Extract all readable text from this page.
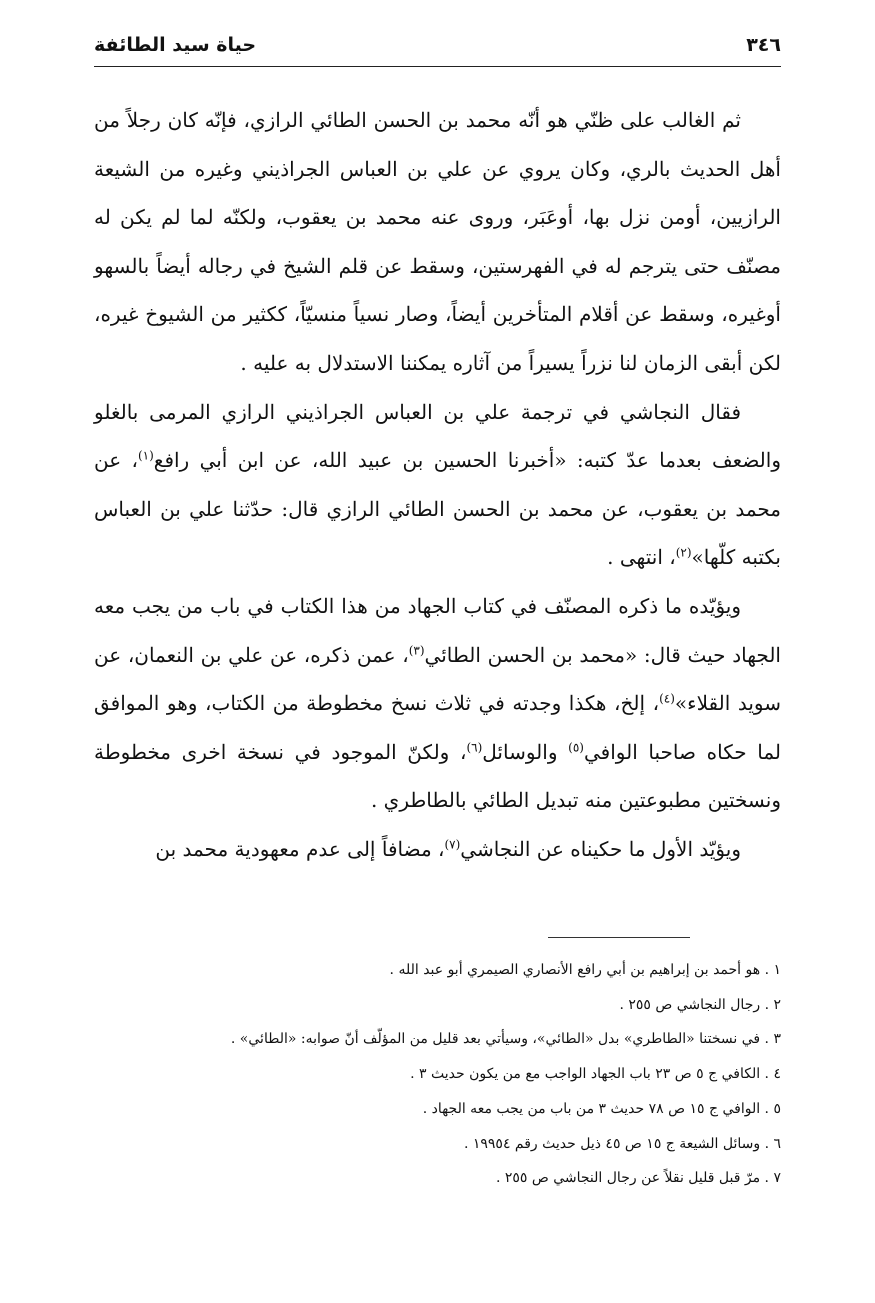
٣٤٦
حياة سيد الطائفة

ثم الغالب على ظنّي هو أنّه محمد بن الحسن الطائي الرازي، فإنّه كان رجلاً من أهل الحديث بالري، وكان يروي عن علي بن العباس الجراذيني وغيره من الشيعة الرازيين، أومن نزل بها، أوعَبَر، وروى عنه محمد بن يعقوب، ولكنّه لما لم يكن له مصنّف حتى يترجم له في الفهرستين، وسقط عن قلم الشيخ في رجاله أيضاً بالسهو أوغيره، وسقط عن أقلام المتأخرين أيضاً، وصار نسياً منسيّاً، ككثير من الشيوخ غيره، لكن أبقى الزمان لنا نزراً يسيراً من آثاره يمكننا الاستدلال به عليه .

فقال النجاشي في ترجمة علي بن العباس الجراذيني الرازي المرمى بالغلو والضعف بعدما عدّ كتبه: «أخبرنا الحسين بن عبيد الله، عن ابن أبي رافع$^{(١)}$، عن محمد بن يعقوب، عن محمد بن الحسن الطائي الرازي قال: حدّثنا علي بن العباس بكتبه كلّها»$^{(٢)}$، انتهى .

ويؤيّده ما ذكره المصنّف في كتاب الجهاد من هذا الكتاب في باب من يجب معه الجهاد حيث قال: «محمد بن الحسن الطائي$^{(٣)}$، عمن ذكره، عن علي بن النعمان، عن سويد القلاء»$^{(٤)}$، إلخ، هكذا وجدته في ثلاث نسخ مخطوطة من الكتاب، وهو الموافق لما حكاه صاحبا الوافي$^{(٥)}$ والوسائل$^{(٦)}$، ولكنّ الموجود في نسخة اخرى مخطوطة ونسختين مطبوعتين منه تبديل الطائي بالطاطري .

ويؤيّد الأول ما حكيناه عن النجاشي$^{(٧)}$، مضافاً إلى عدم معهودية محمد بن

١ . هو أحمد بن إبراهيم بن أبي رافع الأنصاري الصيمري أبو عبد الله .
٢ . رجال النجاشي ص ٢٥٥ .
٣ . في نسختنا «الطاطري» بدل «الطائي»، وسيأتي بعد قليل من المؤلّف أنّ صوابه: «الطائي» .
٤ . الكافي ج ٥ ص ٢٣ باب الجهاد الواجب مع من يكون حديث ٣ .
٥ . الوافي ج ١٥ ص ٧٨ حديث ٣ من باب من يجب معه الجهاد .
٦ . وسائل الشيعة ج ١٥ ص ٤٥ ذيل حديث رقم ١٩٩٥٤ .
٧ . مرّ قبل قليل نقلاً عن رجال النجاشي ص ٢٥٥ .
